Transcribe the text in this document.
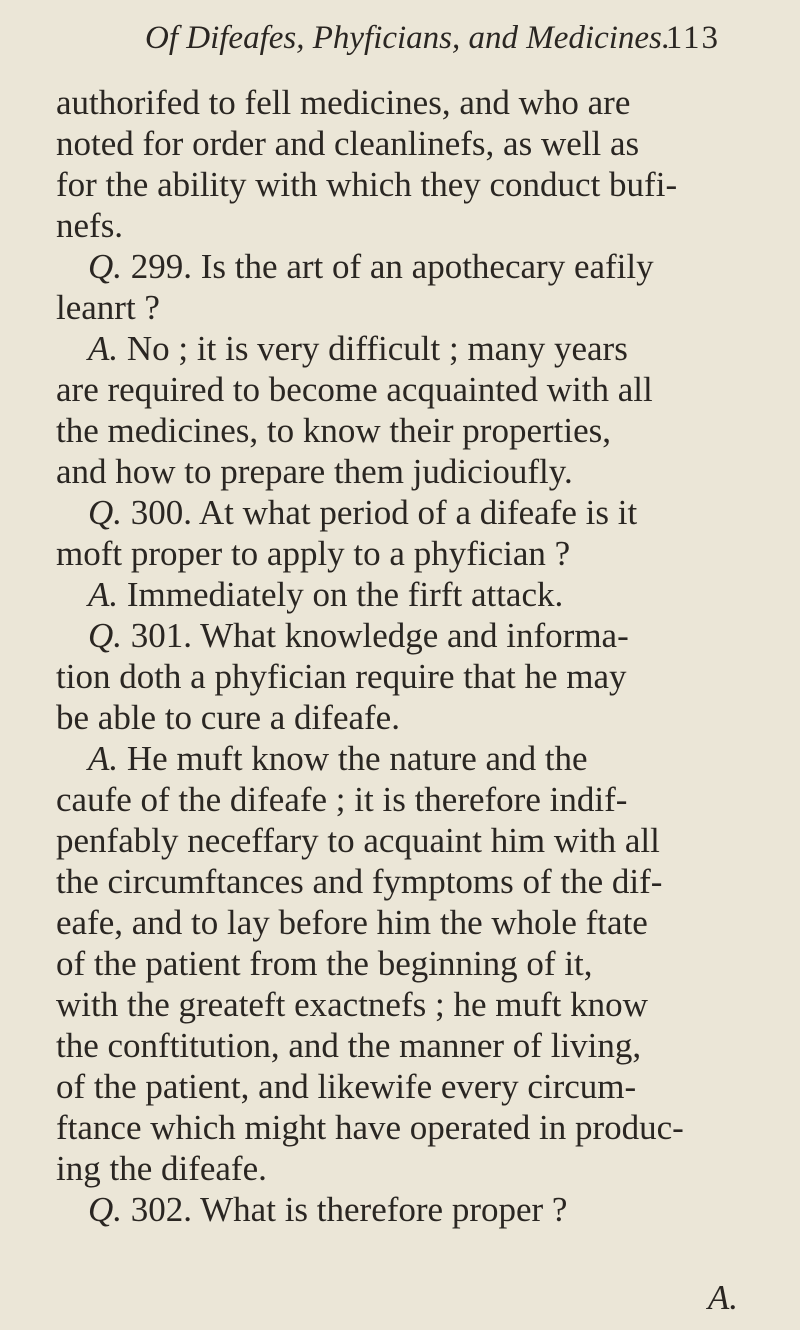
Of Difeafes, Phyficians, and Medicines.
113
authorifed to fell medicines, and who are
noted for order and cleanlinefs, as well as
for the ability with which they conduct bufi-
nefs.
Q. 299. Is the art of an apothecary eafily
leanrt ?
A. No ; it is very difficult ; many years
are required to become acquainted with all
the medicines, to know their properties,
and how to prepare them judicioufly.
Q. 300. At what period of a difeafe is it
moft proper to apply to a phyfician ?
A. Immediately on the firft attack.
Q. 301. What knowledge and informa-
tion doth a phyfician require that he may
be able to cure a difeafe.
A. He muft know the nature and the
caufe of the difeafe ; it is therefore indif-
penfably neceffary to acquaint him with all
the circumftances and fymptoms of the dif-
eafe, and to lay before him the whole ftate
of the patient from the beginning of it,
with the greateft exactnefs ; he muft know
the conftitution, and the manner of living,
of the patient, and likewife every circum-
ftance which might have operated in produc-
ing the difeafe.
Q. 302. What is therefore proper ?
A.
